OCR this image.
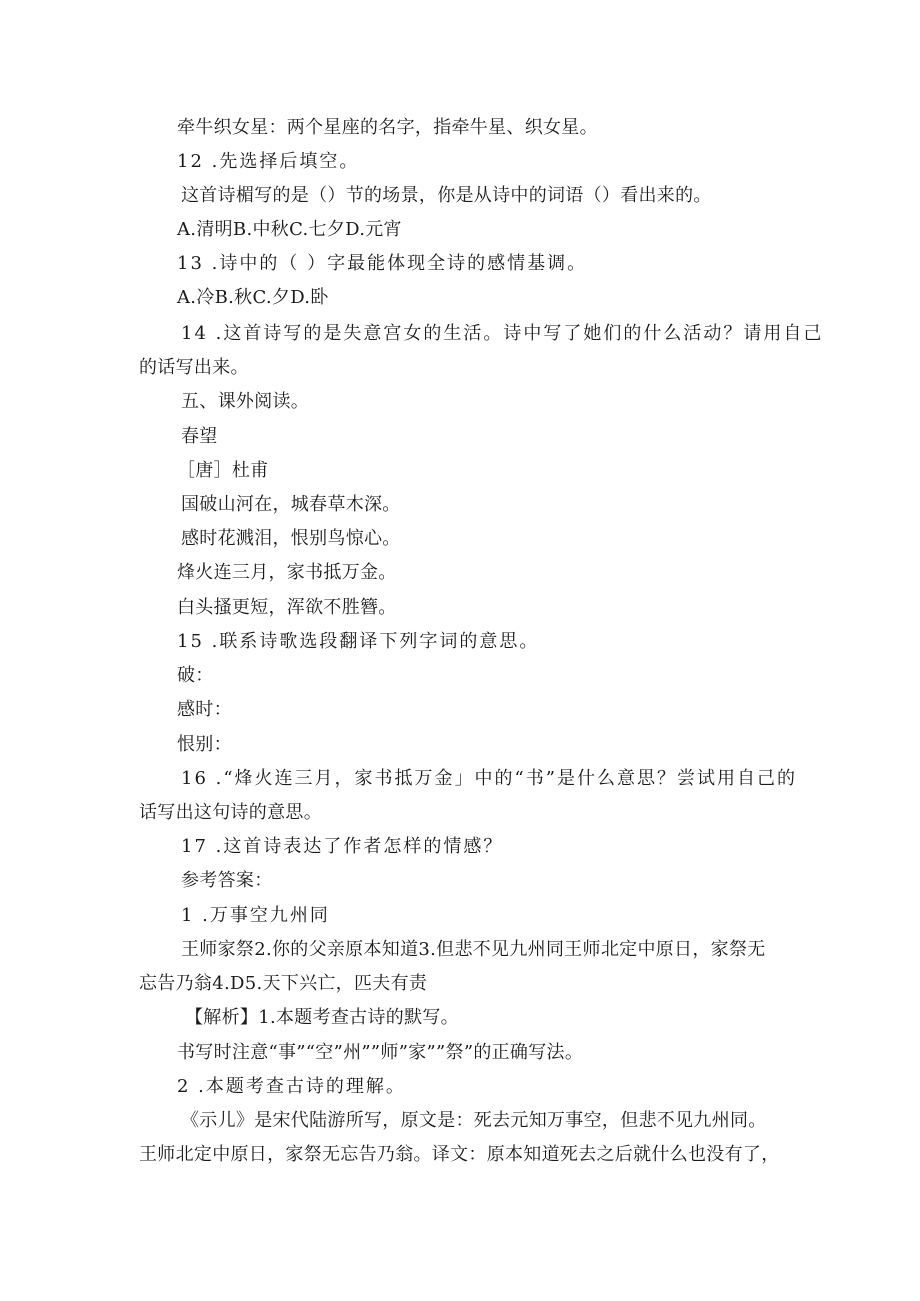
牵牛织女星：两个星座的名字，指牵牛星、织女星。
12 .先选择后填空。
这首诗楣写的是（）节的场景，你是从诗中的词语（）看出来的。
A.清明B.中秋C.七夕D.元宵
13 .诗中的（ ）字最能体现全诗的感情基调。
A.冷B.秋C.夕D.卧
14 .这首诗写的是失意宫女的生活。诗中写了她们的什么活动？请用自己
的话写出来。
五、课外阅读。
春望
［唐］杜甫
国破山河在，城春草木深。
感时花溅泪，恨别鸟惊心。
烽火连三月，家书抵万金。
白头搔更短，浑欲不胜簪。
15 .联系诗歌选段翻译下列字词的意思。
破：
感时：
恨别：
16 .“烽火连三月，家书抵万金」中的“书”是什么意思？尝试用自己的
话写出这句诗的意思。
17 .这首诗表达了作者怎样的情感？
参考答案：
1 .万事空九州同
王师家祭2.你的父亲原本知道3.但悲不见九州同王师北定中原日，家祭无
忘告乃翁4.D5.天下兴亡，匹夫有责
【解析】1.本题考查古诗的默写。
书写时注意“事”“空”州””师”家””祭”的正确写法。
2 .本题考查古诗的理解。
《示儿》是宋代陆游所写，原文是：死去元知万事空，但悲不见九州同。
王师北定中原日，家祭无忘告乃翁。译文：原本知道死去之后就什么也没有了，
